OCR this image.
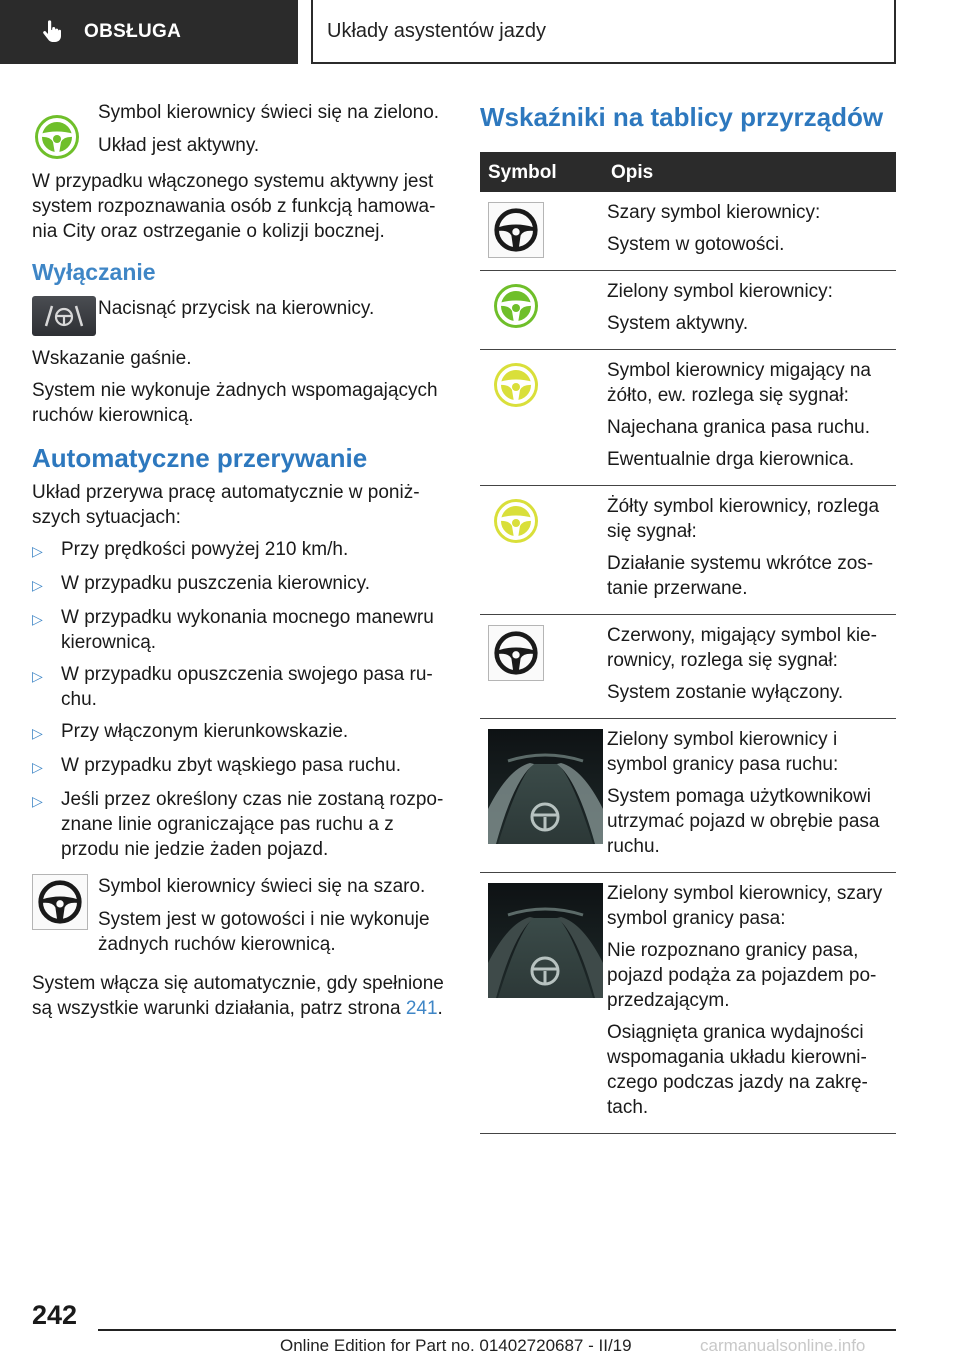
OBSŁUGA	Układy asystentów jazdy

Symbol kierownicy świeci się na zielono.

Układ jest aktywny.

W przypadku włączonego systemu aktywny jest system rozpoznawania osób z funkcją hamowa-nia City oraz ostrzeganie o kolizji bocznej.

Wyłączanie

Nacisnąć przycisk na kierownicy.

Wskazanie gaśnie.

System nie wykonuje żadnych wspomagających ruchów kierownicą.

Automatyczne przerywanie

Układ przerywa pracę automatycznie w poniż-szych sytuacjach:

▷ Przy prędkości powyżej 210 km/h.
▷ W przypadku puszczenia kierownicy.
▷ W przypadku wykonania mocnego manewru kierownicą.
▷ W przypadku opuszczenia swojego pasa ru-chu.
▷ Przy włączonym kierunkowskazie.
▷ W przypadku zbyt wąskiego pasa ruchu.
▷ Jeśli przez określony czas nie zostaną rozpo-znane linie ograniczające pas ruchu a z przodu nie jedzie żaden pojazd.

Symbol kierownicy świeci się na szaro.

System jest w gotowości i nie wykonuje żadnych ruchów kierownicą.

System włącza się automatycznie, gdy spełnione są wszystkie warunki działania, patrz strona 241.

Wskaźniki na tablicy przyrządów
Symbol	Opis

Szary symbol kierownicy:

System w gotowości.

Zielony symbol kierownicy:

System aktywny.

Symbol kierownicy migający na żółto, ew. rozlega się sygnał:

Najechana granica pasa ruchu.

Ewentualnie drga kierownica.

Żółty symbol kierownicy, rozlega się sygnał:

Działanie systemu wkrótce zos-tanie przerwane.

Czerwony, migający symbol kie-rownicy, rozlega się sygnał:

System zostanie wyłączony.

Zielony symbol kierownicy i symbol granicy pasa ruchu:

System pomaga użytkownikowi utrzymać pojazd w obrębie pasa ruchu.

Zielony symbol kierownicy, szary symbol granicy pasa:

Nie rozpoznano granicy pasa, pojazd podąża za pojazdem po-przedzającym.

Osiągnięta granica wydajności wspomagania układu kierowni-czego podczas jazdy na zakrę-tach.

242
Online Edition for Part no. 01402720687 - II/19	carmanualsonline.info
